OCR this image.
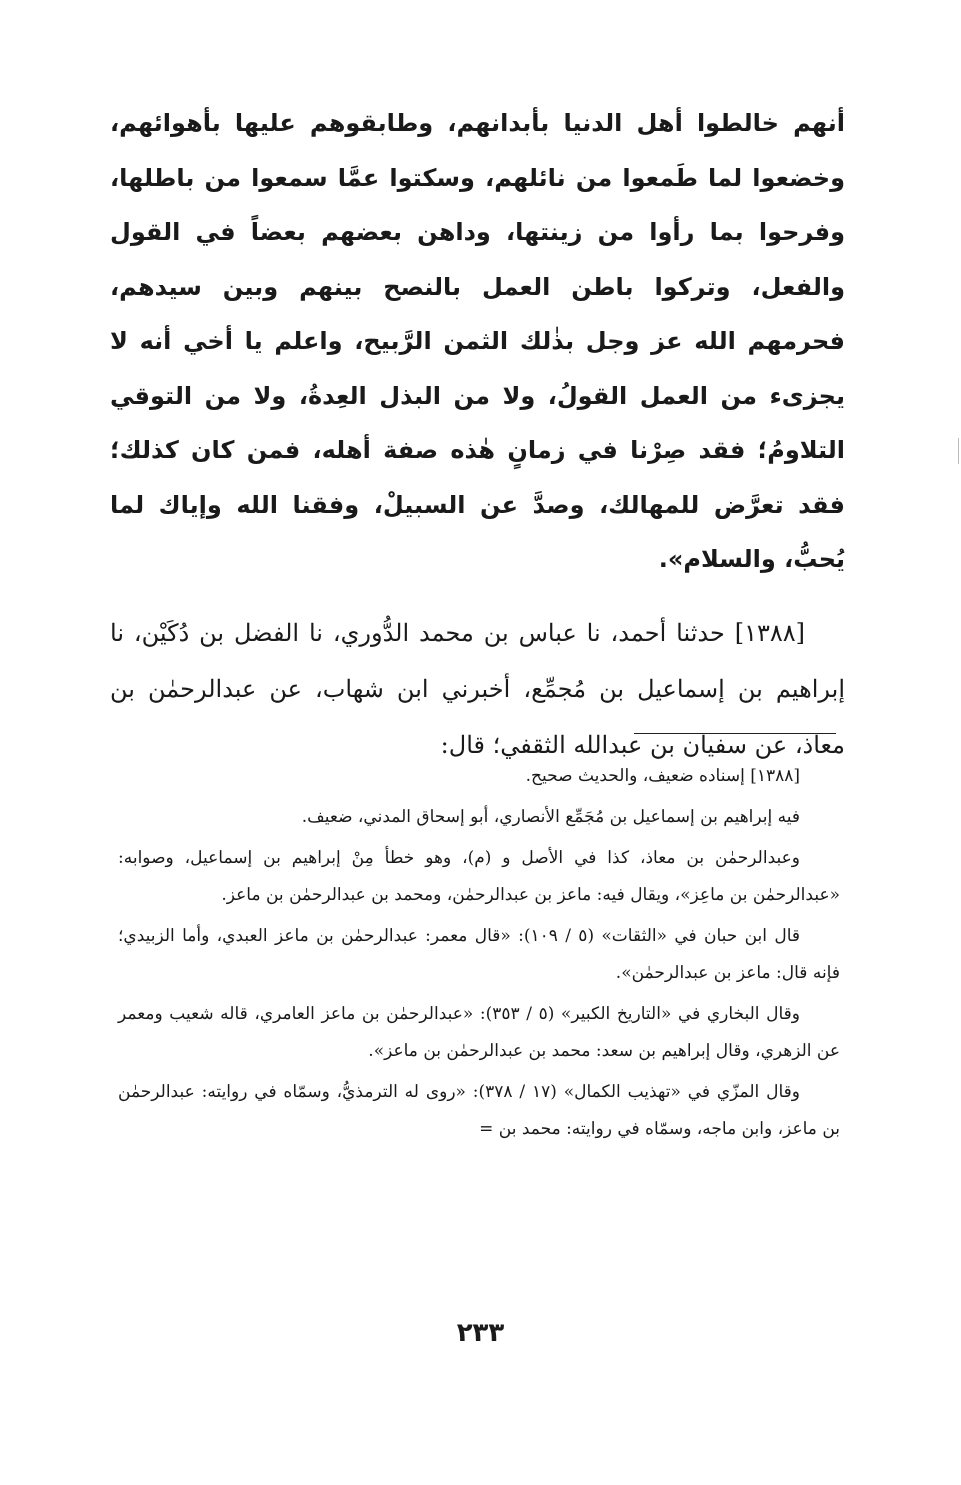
أنهم خالطوا أهل الدنيا بأبدانهم، وطابقوهم عليها بأهوائهم، وخضعوا لما طَمعوا من نائلهم، وسكتوا عمَّا سمعوا من باطلها، وفرحوا بما رأوا من زينتها، وداهن بعضهم بعضاً في القول والفعل، وتركوا باطن العمل بالنصح بينهم وبين سيدهم، فحرمهم الله عز وجل بذٰلك الثمن الرَّبيح، واعلم يا أخي أنه لا يجزىء من العمل القولُ، ولا من البذل العِدةُ، ولا من التوقي التلاومُ؛ فقد صِرْنا في زمانٍ هٰذه صفة أهله، فمن كان كذلك؛ فقد تعرَّض للمهالك، وصدَّ عن السبيلْ، وفقنا الله وإياك لما يُحبُّ، والسلام».

[١٣٨٨] حدثنا أحمد، نا عباس بن محمد الدُّوري، نا الفضل بن دُكَيْن، نا إبراهيم بن إسماعيل بن مُجمِّع، أخبرني ابن شهاب، عن عبدالرحمٰن بن معاذ، عن سفيان بن عبدالله الثقفي؛ قال:

[١٣٨٨] إسناده ضعيف، والحديث صحيح.

فيه إبراهيم بن إسماعيل بن مُجَمِّع الأنصاري، أبو إسحاق المدني، ضعيف.

وعبدالرحمٰن بن معاذ، كذا في الأصل و (م)، وهو خطأ مِنْ إبراهيم بن إسماعيل، وصوابه: «عبدالرحمٰن بن ماعِز»، ويقال فيه: ماعز بن عبدالرحمٰن، ومحمد بن عبدالرحمٰن بن ماعز.

قال ابن حبان في «الثقات» (٥ / ١٠٩): «قال معمر: عبدالرحمٰن بن ماعز العبدي، وأما الزبيدي؛ فإنه قال: ماعز بن عبدالرحمٰن».

وقال البخاري في «التاريخ الكبير» (٥ / ٣٥٣): «عبدالرحمٰن بن ماعز العامري، قاله شعيب ومعمر عن الزهري، وقال إبراهيم بن سعد: محمد بن عبدالرحمٰن بن ماعز».

وقال المزّي في «تهذيب الكمال» (١٧ / ٣٧٨): «روى له الترمذيُّ، وسمّاه في روايته: عبدالرحمٰن بن ماعز، وابن ماجه، وسمّاه في روايته: محمد بن =

٢٣٣
